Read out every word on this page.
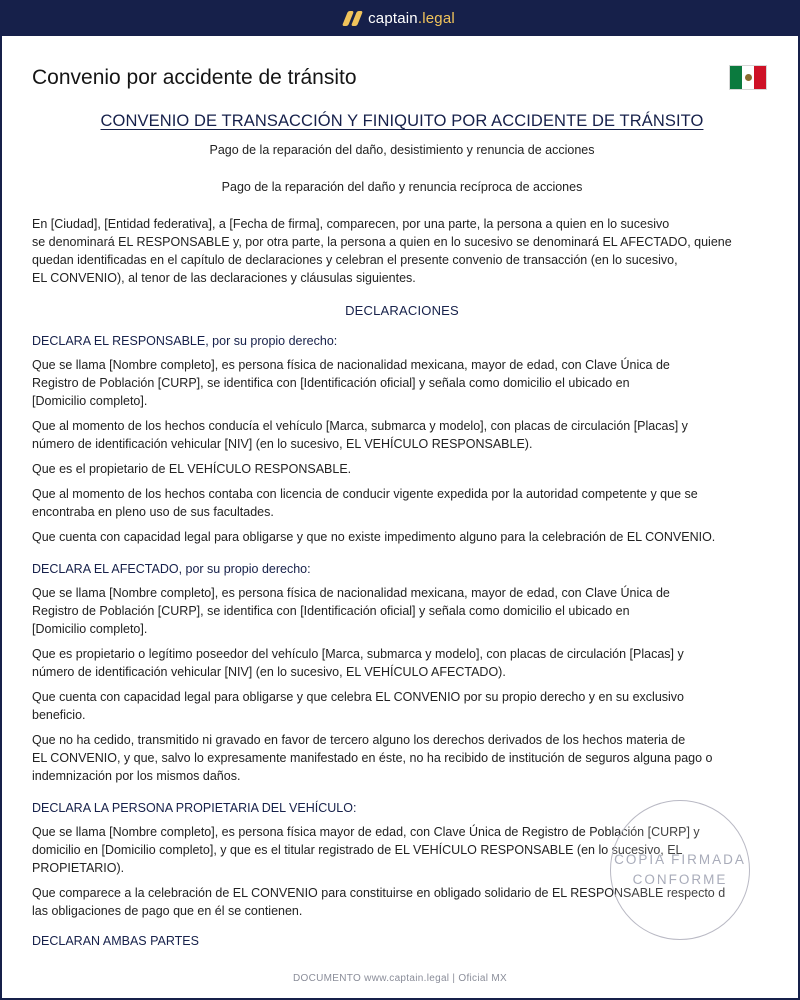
captain.legal
Convenio por accidente de tránsito
CONVENIO DE TRANSACCIÓN Y FINIQUITO POR ACCIDENTE DE TRÁNSITO
Pago de la reparación del daño, desistimiento y renuncia de acciones
Pago de la reparación del daño y renuncia recíproca de acciones
En [Ciudad], [Entidad federativa], a [Fecha de firma], comparecen, por una parte, la persona a quien en lo sucesivo
se denominará EL RESPONSABLE y, por otra parte, la persona a quien en lo sucesivo se denominará EL AFECTADO, quiene
quedan identificadas en el capítulo de declaraciones y celebran el presente convenio de transacción (en lo sucesivo,
EL CONVENIO), al tenor de las declaraciones y cláusulas siguientes.
DECLARACIONES
DECLARA EL RESPONSABLE, por su propio derecho:
Que se llama [Nombre completo], es persona física de nacionalidad mexicana, mayor de edad, con Clave Única de
Registro de Población [CURP], se identifica con [Identificación oficial] y señala como domicilio el ubicado en
[Domicilio completo].
Que al momento de los hechos conducía el vehículo [Marca, submarca y modelo], con placas de circulación [Placas] y
número de identificación vehicular [NIV] (en lo sucesivo, EL VEHÍCULO RESPONSABLE).
Que es el propietario de EL VEHÍCULO RESPONSABLE.
Que al momento de los hechos contaba con licencia de conducir vigente expedida por la autoridad competente y que se
encontraba en pleno uso de sus facultades.
Que cuenta con capacidad legal para obligarse y que no existe impedimento alguno para la celebración de EL CONVENIO.
DECLARA EL AFECTADO, por su propio derecho:
Que se llama [Nombre completo], es persona física de nacionalidad mexicana, mayor de edad, con Clave Única de
Registro de Población [CURP], se identifica con [Identificación oficial] y señala como domicilio el ubicado en
[Domicilio completo].
Que es propietario o legítimo poseedor del vehículo [Marca, submarca y modelo], con placas de circulación [Placas] y
número de identificación vehicular [NIV] (en lo sucesivo, EL VEHÍCULO AFECTADO).
Que cuenta con capacidad legal para obligarse y que celebra EL CONVENIO por su propio derecho y en su exclusivo
beneficio.
Que no ha cedido, transmitido ni gravado en favor de tercero alguno los derechos derivados de los hechos materia de
EL CONVENIO, y que, salvo lo expresamente manifestado en éste, no ha recibido de institución de seguros alguna pago o
indemnización por los mismos daños.
DECLARA LA PERSONA PROPIETARIA DEL VEHÍCULO:
Que se llama [Nombre completo], es persona física mayor de edad, con Clave Única de Registro de Población [CURP] y
domicilio en [Domicilio completo], y que es el titular registrado de EL VEHÍCULO RESPONSABLE (en lo sucesivo, EL
PROPIETARIO).
Que comparece a la celebración de EL CONVENIO para constituirse en obligado solidario de EL RESPONSABLE respecto d
las obligaciones de pago que en él se contienen.
DECLARAN AMBAS PARTES
COPIA FIRMADA
CONFORME
DOCUMENTO www.captain.legal | Oficial MX
